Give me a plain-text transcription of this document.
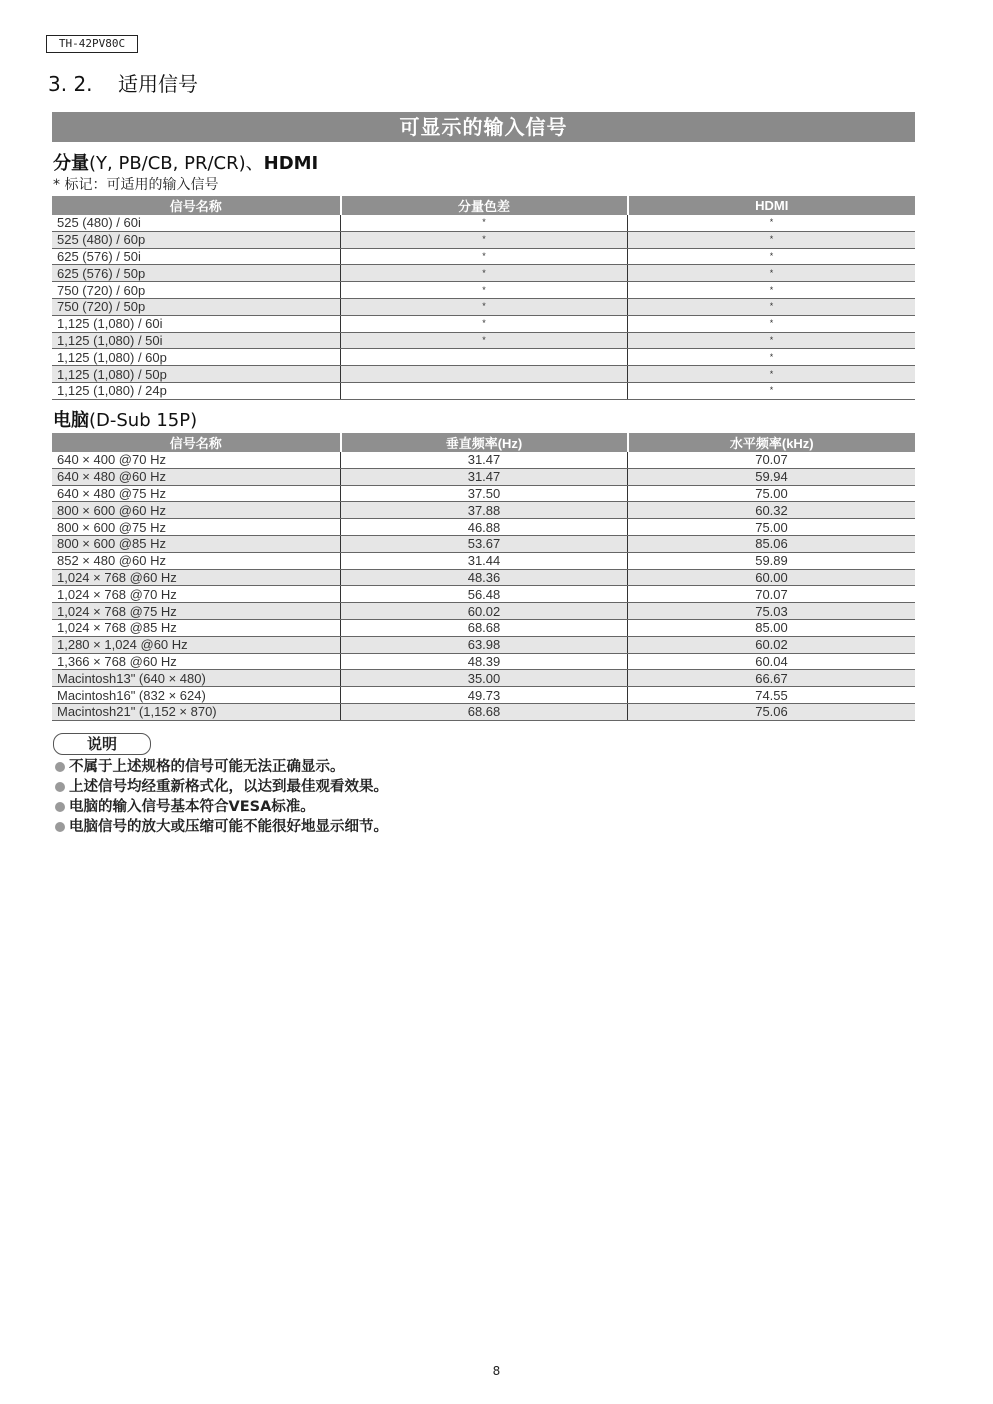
TH-42PV80C
3. 2. 适用信号
可显示的输入信号
分量(Y, PB/CB, PR/CR)、HDMI
* 标记：可适用的输入信号
信号名称	分量色差	HDMI
525 (480) / 60i	*	*
525 (480) / 60p	*	*
625 (576) / 50i	*	*
625 (576) / 50p	*	*
750 (720) / 60p	*	*
750 (720) / 50p	*	*
1,125 (1,080) / 60i	*	*
1,125 (1,080) / 50i	*	*
1,125 (1,080) / 60p		*
1,125 (1,080) / 50p		*
1,125 (1,080) / 24p		*
电脑(D-Sub 15P)
信号名称	垂直频率(Hz)	水平频率(kHz)
640 × 400 @70 Hz	31.47	70.07
640 × 480 @60 Hz	31.47	59.94
640 × 480 @75 Hz	37.50	75.00
800 × 600 @60 Hz	37.88	60.32
800 × 600 @75 Hz	46.88	75.00
800 × 600 @85 Hz	53.67	85.06
852 × 480 @60 Hz	31.44	59.89
1,024 × 768 @60 Hz	48.36	60.00
1,024 × 768 @70 Hz	56.48	70.07
1,024 × 768 @75 Hz	60.02	75.03
1,024 × 768 @85 Hz	68.68	85.00
1,280 × 1,024 @60 Hz	63.98	60.02
1,366 × 768 @60 Hz	48.39	60.04
Macintosh13" (640 × 480)	35.00	66.67
Macintosh16" (832 × 624)	49.73	74.55
Macintosh21" (1,152 × 870)	68.68	75.06
说明
不属于上述规格的信号可能无法正确显示。
上述信号均经重新格式化，以达到最佳观看效果。
电脑的输入信号基本符合VESA标准。
电脑信号的放大或压缩可能不能很好地显示细节。
8
